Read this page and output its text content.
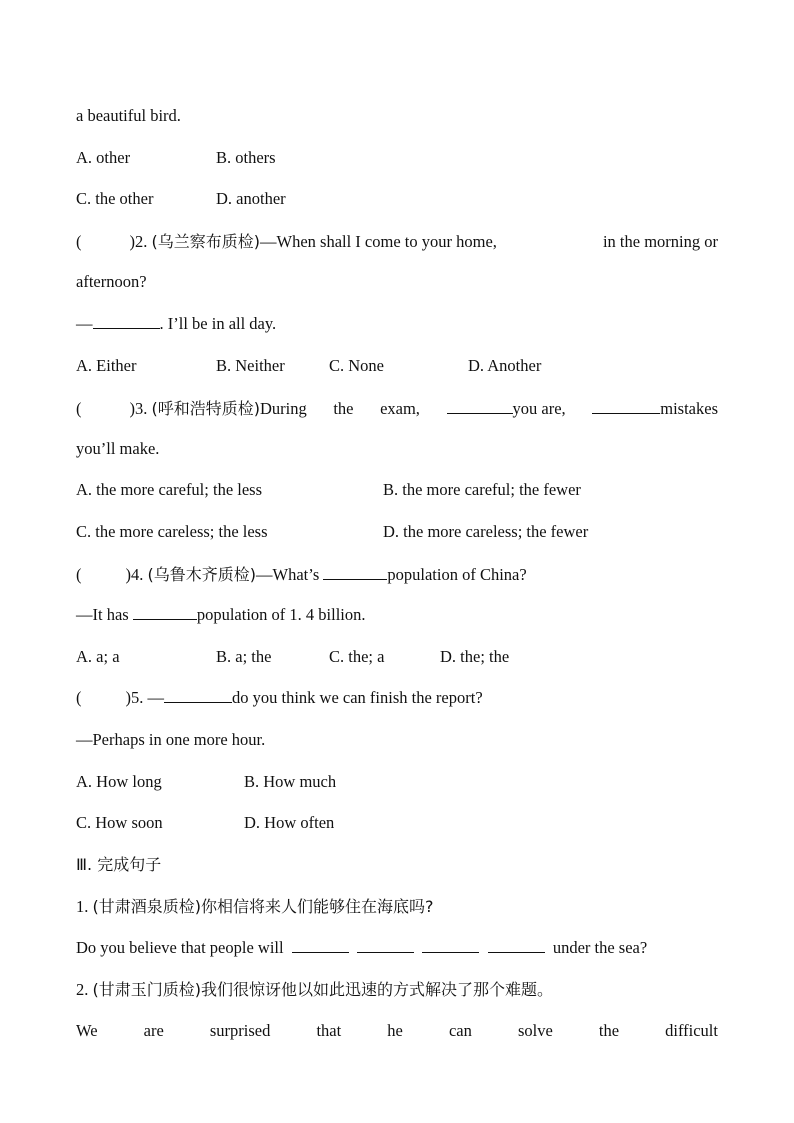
a beautiful bird.
A. other	B. others
C. the other	D. another
(	)2. (乌兰察布质检)—When shall I come to your home,	in the morning or
afternoon?
—	. I’ll be in all day.
A. Either	B. Neither	C. None	D. Another
(	)3. (呼和浩特质检)During the exam,	you are,	mistakes
you’ll make.
A. the more careful; the less	B. the more careful; the fewer
C. the more careless; the less	D. the more careless; the fewer
(	)4. (乌鲁木齐质检)—What’s	population of China?
—It has	population of 1. 4 billion.
A. a; a	B. a; the	C. the; a	D. the; the
(	)5. —	do you think we can finish the report?
—Perhaps in one more hour.
A. How long	B. How much
C. How soon	D. How often
Ⅲ. 完成句子
1. (甘肃酒泉质检)你相信将来人们能够住在海底吗?
Do you believe that people will	under the sea?
2. (甘肃玉门质检)我们很惊讶他以如此迅速的方式解决了那个难题。
We	are	surprised	that	he	can	solve	the	difficult
